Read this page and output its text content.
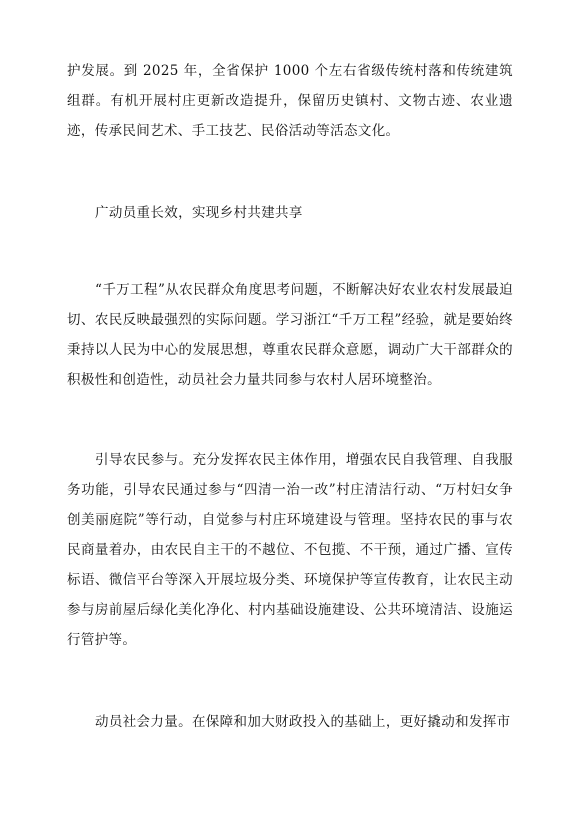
护发展。到 2025 年，全省保护 1000 个左右省级传统村落和传统建筑组群。有机开展村庄更新改造提升，保留历史镇村、文物古迹、农业遗迹，传承民间艺术、手工技艺、民俗活动等活态文化。

广动员重长效，实现乡村共建共享

“千万工程”从农民群众角度思考问题，不断解决好农业农村发展最迫切、农民反映最强烈的实际问题。学习浙江“千万工程”经验，就是要始终秉持以人民为中心的发展思想，尊重农民群众意愿，调动广大干部群众的积极性和创造性，动员社会力量共同参与农村人居环境整治。

引导农民参与。充分发挥农民主体作用，增强农民自我管理、自我服务功能，引导农民通过参与“四清一治一改”村庄清洁行动、“万村妇女争创美丽庭院”等行动，自觉参与村庄环境建设与管理。坚持农民的事与农民商量着办，由农民自主干的不越位、不包揽、不干预，通过广播、宣传标语、微信平台等深入开展垃圾分类、环境保护等宣传教育，让农民主动参与房前屋后绿化美化净化、村内基础设施建设、公共环境清洁、设施运行管护等。

动员社会力量。在保障和加大财政投入的基础上，更好撬动和发挥市
